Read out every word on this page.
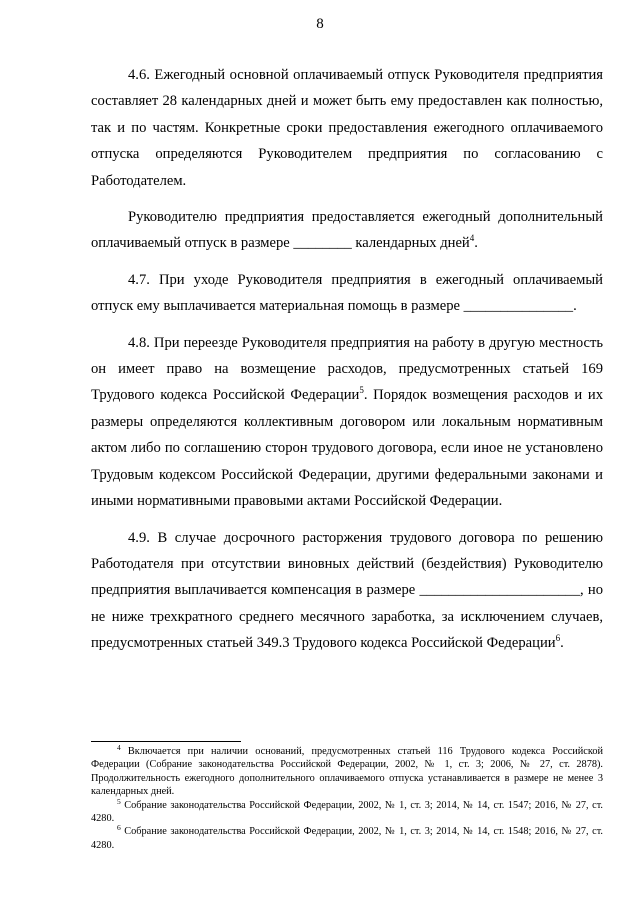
8

4.6. Ежегодный основной оплачиваемый отпуск Руководителя предприятия составляет 28 календарных дней и может быть ему предоставлен как полностью, так и по частям. Конкретные сроки предоставления ежегодного оплачиваемого отпуска определяются Руководителем предприятия по согласованию с Работодателем.

Руководителю предприятия предоставляется ежегодный дополнительный оплачиваемый отпуск в размере ________ календарных дней$^4$.

4.7. При уходе Руководителя предприятия в ежегодный оплачиваемый отпуск ему выплачивается материальная помощь в размере _______________.

4.8. При переезде Руководителя предприятия на работу в другую местность он имеет право на возмещение расходов, предусмотренных статьей 169 Трудового кодекса Российской Федерации$^5$. Порядок возмещения расходов и их размеры определяются коллективным договором или локальным нормативным актом либо по соглашению сторон трудового договора, если иное не установлено Трудовым кодексом Российской Федерации, другими федеральными законами и иными нормативными правовыми актами Российской Федерации.

4.9. В случае досрочного расторжения трудового договора по решению Работодателя при отсутствии виновных действий (бездействия) Руководителю предприятия выплачивается компенсация в размере ______________________, но не ниже трехкратного среднего месячного заработка, за исключением случаев, предусмотренных статьей 349.3 Трудового кодекса Российской Федерации$^6$.

$^4$ Включается при наличии оснований, предусмотренных статьей 116 Трудового кодекса Российской Федерации (Собрание законодательства Российской Федерации, 2002, № 1, ст. 3; 2006, № 27, ст. 2878). Продолжительность ежегодного дополнительного оплачиваемого отпуска устанавливается в размере не менее 3 календарных дней.

$^5$ Собрание законодательства Российской Федерации, 2002, № 1, ст. 3; 2014, № 14, ст. 1547; 2016, № 27, ст. 4280.

$^6$ Собрание законодательства Российской Федерации, 2002, № 1, ст. 3; 2014, № 14, ст. 1548; 2016, № 27, ст. 4280.
